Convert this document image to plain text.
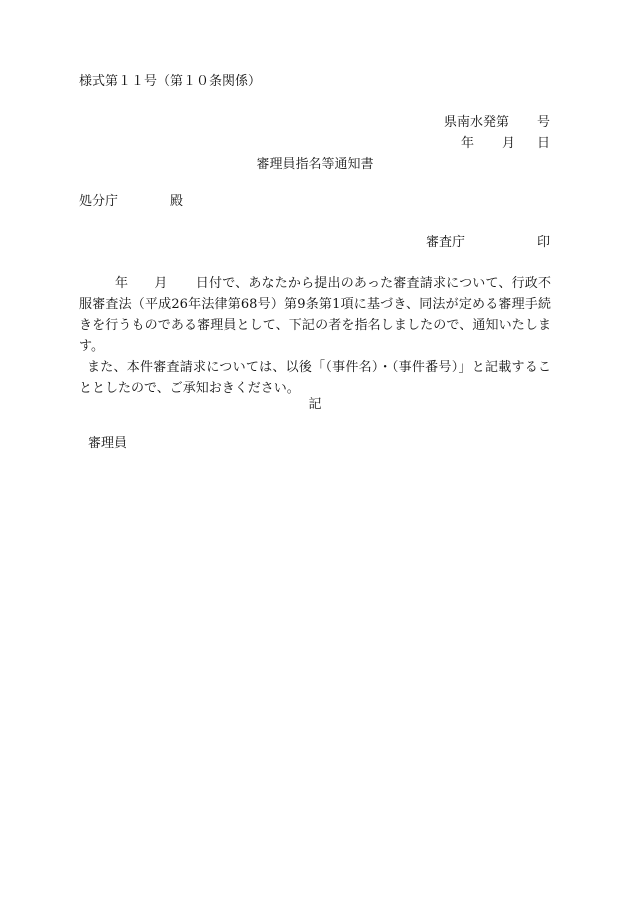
様式第１１号（第１０条関係）
県南水発第 号
年 月 日
審理員指名等通知書
処分庁	殿
審査庁	印

年 月 日付で、あなたから提出のあった審査請求について、行政不服審査法（平成26年法律第68号）第9条第1項に基づき、同法が定める審理手続きを行うものである審理員として、下記の者を指名しましたので、通知いたします。

また、本件審査請求については、以後「（事件名）・（事件番号）」と記載することとしたので、ご承知おきください。

記
審理員
